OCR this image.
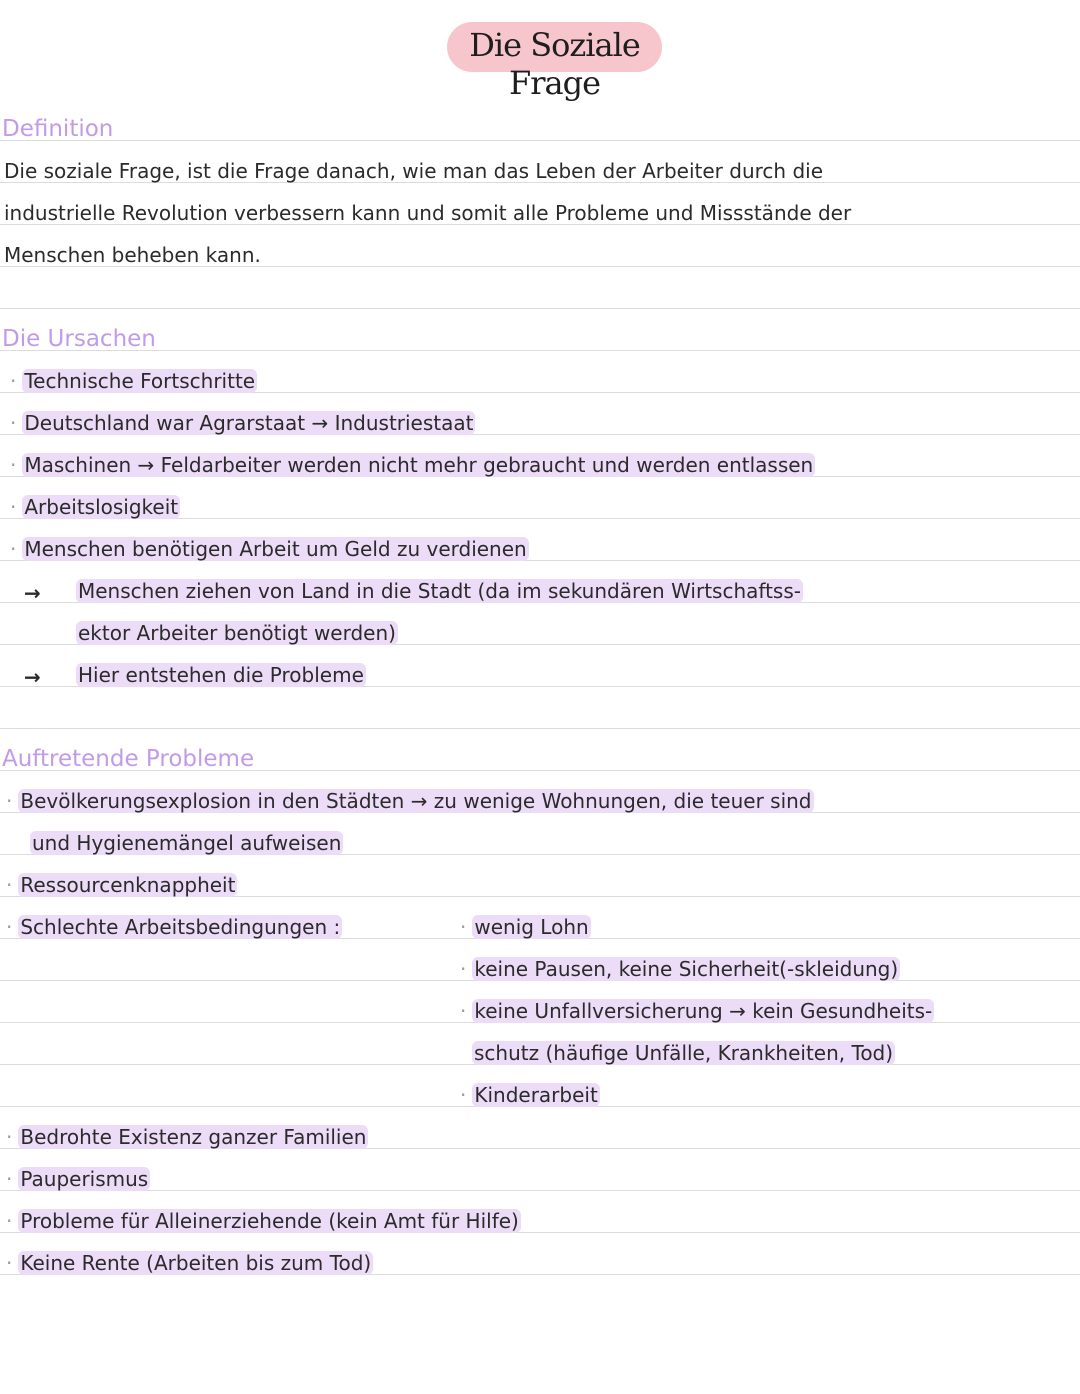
Die Soziale Frage
Definition
Die soziale Frage, ist die Frage danach, wie man das Leben der Arbeiter durch die
industrielle Revolution verbessern kann und somit alle Probleme und Missstände der
Menschen beheben kann.
Die Ursachen
· Technische Fortschritte
· Deutschland war Agrarstaat → Industriestaat
· Maschinen → Feldarbeiter werden nicht mehr gebraucht und werden entlassen
· Arbeitslosigkeit
· Menschen benötigen Arbeit um Geld zu verdienen
→ Menschen ziehen von Land in die Stadt (da im sekundären Wirtschaftss-
ektor Arbeiter benötigt werden)
→ Hier entstehen die Probleme
Auftretende Probleme
· Bevölkerungsexplosion in den Städten → zu wenige Wohnungen, die teuer sind
und Hygienemängel aufweisen
· Ressourcenknappheit
· Schlechte Arbeitsbedingungen :	· wenig Lohn
· keine Pausen, keine Sicherheit(-skleidung)
· keine Unfallversicherung → kein Gesundheits-
schutz (häufige Unfälle, Krankheiten, Tod)
· Kinderarbeit
· Bedrohte Existenz ganzer Familien
· Pauperismus
· Probleme für Alleinerziehende (kein Amt für Hilfe)
· Keine Rente (Arbeiten bis zum Tod)
